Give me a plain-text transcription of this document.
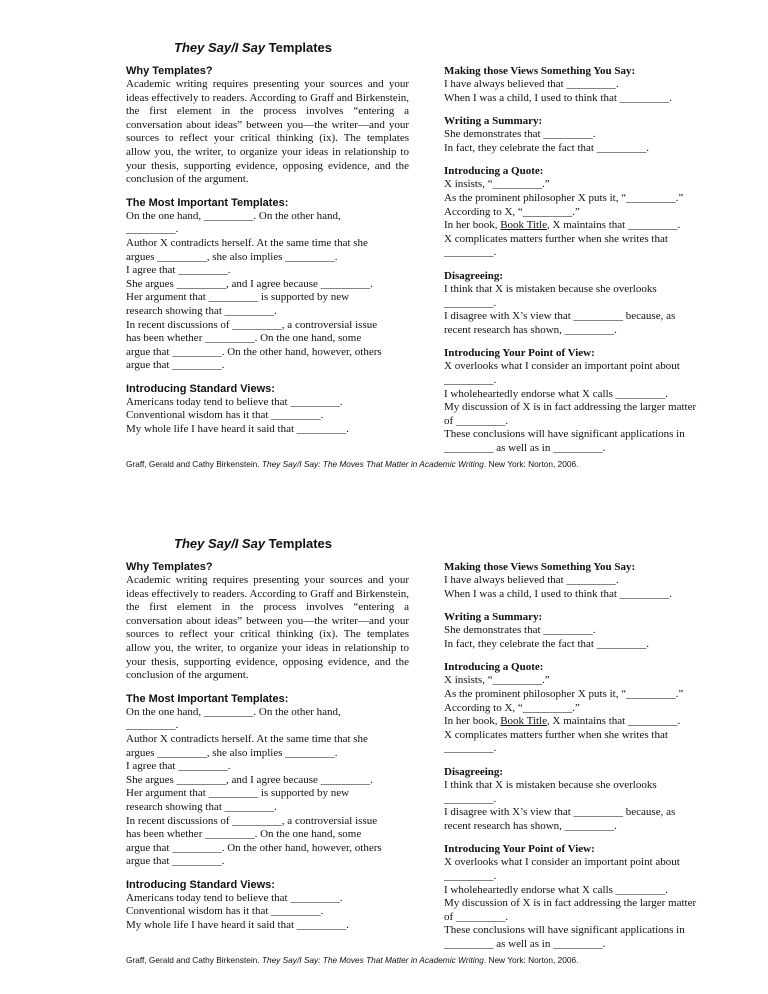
They Say/I Say Templates

Why Templates?

Academic writing requires presenting your sources and your ideas effectively to readers. According to Graff and Birkenstein, the first element in the process involves “entering a conversation about ideas” between you—the writer—and your sources to reflect your critical thinking (ix). The templates allow you, the writer, to organize your ideas in relationship to your thesis, supporting evidence, opposing evidence, and the conclusion of the argument.

The Most Important Templates:

On the one hand, _________. On the other hand,

_________.

Author X contradicts herself. At the same time that she

argues _________, she also implies _________.

I agree that _________.

She argues _________, and I agree because _________.

Her argument that _________ is supported by new

research showing that _________.

In recent discussions of _________, a controversial issue

has been whether _________. On the one hand, some

argue that _________. On the other hand, however, others

argue that _________.

Introducing Standard Views:

Americans today tend to believe that _________.

Conventional wisdom has it that _________.

My whole life I have heard it said that _________.

Making those Views Something You Say:

I have always believed that _________.

When I was a child, I used to think that _________.

Writing a Summary:

She demonstrates that _________.

In fact, they celebrate the fact that _________.

Introducing a Quote:

X insists, “_________.”

As the prominent philosopher X puts it, “_________.”

According to X, “_________.”

In her book, Book Title, X maintains that _________.

X complicates matters further when she writes that

_________.

Disagreeing:

I think that X is mistaken because she overlooks

_________.

I disagree with X’s view that _________ because, as

recent research has shown, _________.

Introducing Your Point of View:

X overlooks what I consider an important point about

_________.

I wholeheartedly endorse what X calls _________.

My discussion of X is in fact addressing the larger matter

of _________.

These conclusions will have significant applications in

_________ as well as in _________.

Graff, Gerald and Cathy Birkenstein. They Say/I Say: The Moves That Matter in Academic Writing. New York: Norton, 2006.
They Say/I Say Templates

Why Templates?

Academic writing requires presenting your sources and your ideas effectively to readers. According to Graff and Birkenstein, the first element in the process involves “entering a conversation about ideas” between you—the writer—and your sources to reflect your critical thinking (ix). The templates allow you, the writer, to organize your ideas in relationship to your thesis, supporting evidence, opposing evidence, and the conclusion of the argument.

The Most Important Templates:

On the one hand, _________. On the other hand,

_________.

Author X contradicts herself. At the same time that she

argues _________, she also implies _________.

I agree that _________.

She argues _________, and I agree because _________.

Her argument that _________ is supported by new

research showing that _________.

In recent discussions of _________, a controversial issue

has been whether _________. On the one hand, some

argue that _________. On the other hand, however, others

argue that _________.

Introducing Standard Views:

Americans today tend to believe that _________.

Conventional wisdom has it that _________.

My whole life I have heard it said that _________.

Making those Views Something You Say:

I have always believed that _________.

When I was a child, I used to think that _________.

Writing a Summary:

She demonstrates that _________.

In fact, they celebrate the fact that _________.

Introducing a Quote:

X insists, “_________.”

As the prominent philosopher X puts it, “_________.”

According to X, “_________.”

In her book, Book Title, X maintains that _________.

X complicates matters further when she writes that

_________.

Disagreeing:

I think that X is mistaken because she overlooks

_________.

I disagree with X’s view that _________ because, as

recent research has shown, _________.

Introducing Your Point of View:

X overlooks what I consider an important point about

_________.

I wholeheartedly endorse what X calls _________.

My discussion of X is in fact addressing the larger matter

of _________.

These conclusions will have significant applications in

_________ as well as in _________.

Graff, Gerald and Cathy Birkenstein. They Say/I Say: The Moves That Matter in Academic Writing. New York: Norton, 2006.
